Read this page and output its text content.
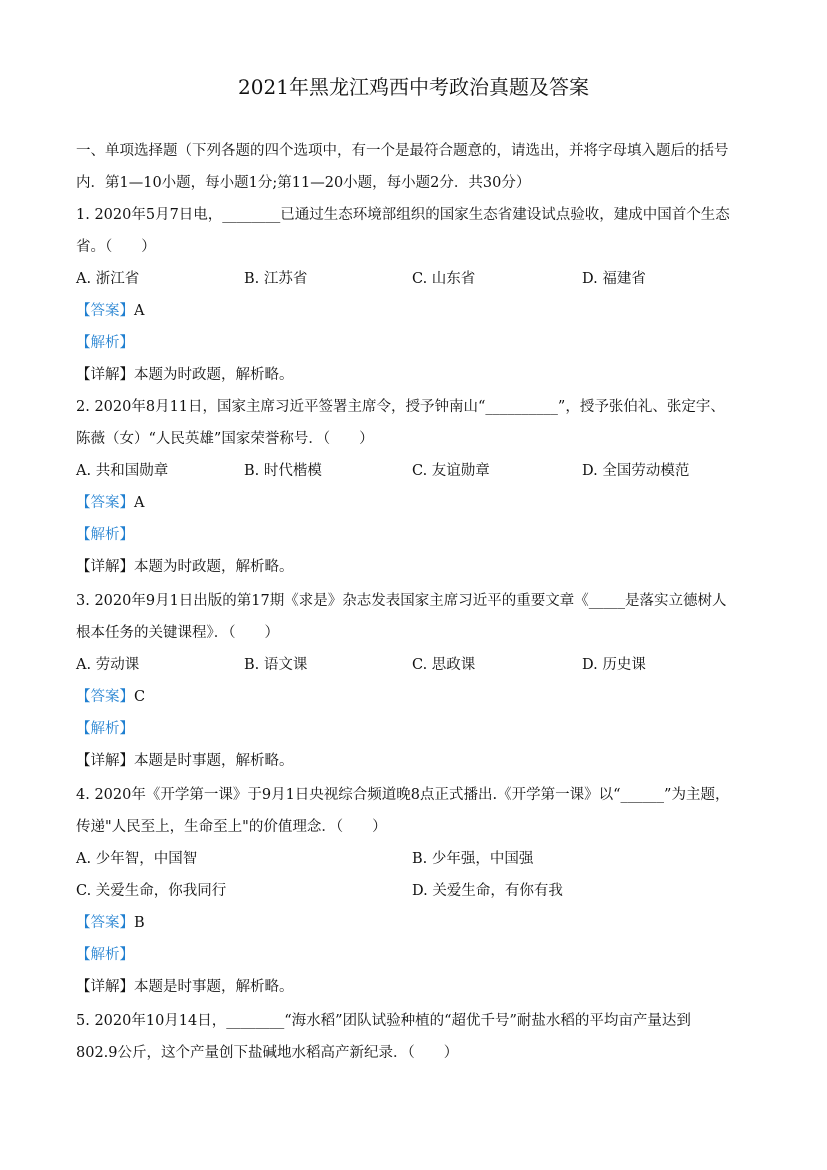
2021年黑龙江鸡西中考政治真题及答案
一、单项选择题（下列各题的四个选项中，有一个是最符合题意的，请选出，并将字母填入题后的括号
内．第1—10小题，每小题1分;第11—20小题，每小题2分．共30分）
1. 2020年5月7日电，________已通过生态环境部组织的国家生态省建设试点验收，建成中国首个生态
省。（　　）
A. 浙江省	B. 江苏省	C. 山东省	D. 福建省
【答案】A
【解析】
【详解】本题为时政题，解析略。
2. 2020年8月11日，国家主席习近平签署主席令，授予钟南山“__________”，授予张伯礼、张定宇、
陈薇（女）“人民英雄”国家荣誉称号．（　　）
A. 共和国勋章	B. 时代楷模	C. 友谊勋章	D. 全国劳动模范
【答案】A
【解析】
【详解】本题为时政题，解析略。
3. 2020年9月1日出版的第17期《求是》杂志发表国家主席习近平的重要文章《_____是落实立德树人
根本任务的关键课程》．（　　）
A. 劳动课	B. 语文课	C. 思政课	D. 历史课
【答案】C
【解析】
【详解】本题是时事题，解析略。
4. 2020年《开学第一课》于9月1日央视综合频道晚8点正式播出.《开学第一课》以“______”为主题，
传递"人民至上，生命至上"的价值理念．（　　）
A. 少年智，中国智	B. 少年强，中国强
C. 关爱生命，你我同行	D. 关爱生命，有你有我
【答案】B
【解析】
【详解】本题是时事题，解析略。
5. 2020年10月14日，________“海水稻”团队试验种植的“超优千号”耐盐水稻的平均亩产量达到
802.9公斤，这个产量创下盐碱地水稻高产新纪录．（　　）
